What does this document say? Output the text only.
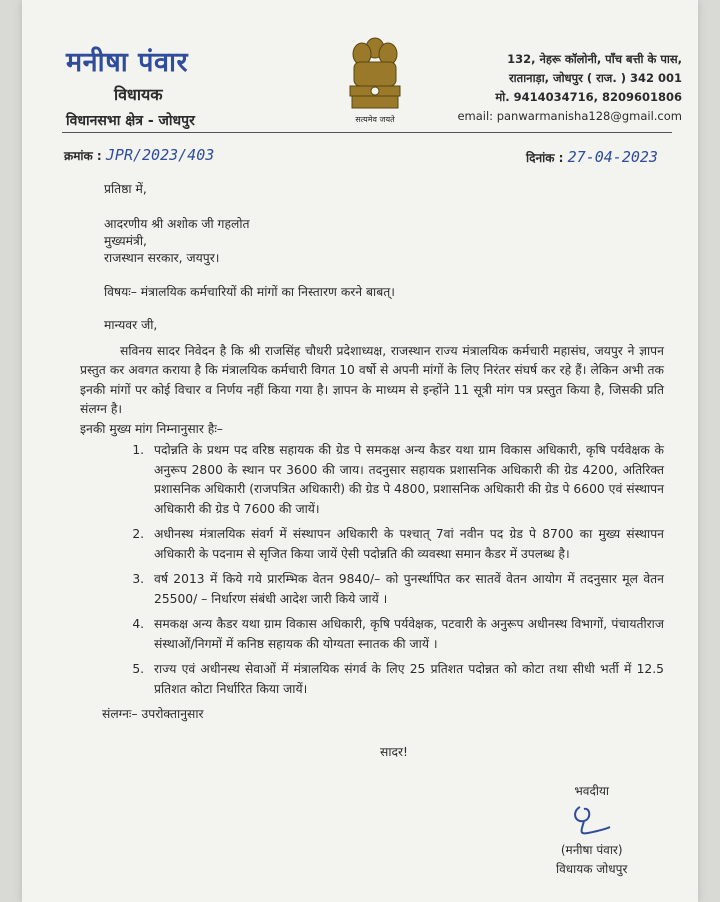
मनीषा पंवार
विधायक
विधानसभा क्षेत्र - जोधपुर	सत्यमेव जयते
132, नेहरू कॉलोनी, पाँच बत्ती के पास,
रातानाड़ा, जोधपुर ( राज. ) 342 001
मो. 9414034716, 8209601806
email: panwarmanisha128@gmail.com
क्रमांक : JPR/2023/403	दिनांक : 27-04-2023
प्रतिष्ठा में,
आदरणीय श्री अशोक जी गहलोत
मुख्यमंत्री,
राजस्थान सरकार, जयपुर।
विषयः– मंत्रालयिक कर्मचारियों की मांगों का निस्तारण करने बाबत्।
मान्यवर जी,
सविनय सादर निवेदन है कि श्री राजसिंह चौधरी प्रदेशाध्यक्ष, राजस्थान राज्य मंत्रालयिक कर्मचारी महासंघ, जयपुर ने ज्ञापन प्रस्तुत कर अवगत कराया है कि मंत्रालयिक कर्मचारी विगत 10 वर्षो से अपनी मांगों के लिए निरंतर संघर्ष कर रहे हैं। लेकिन अभी तक इनकी मांगों पर कोई विचार व निर्णय नहीं किया गया है। ज्ञापन के माध्यम से इन्होंने 11 सूत्री मांग पत्र प्रस्तुत किया है, जिसकी प्रति संलग्न है।
इनकी मुख्य मांग निम्नानुसार हैः–
1. पदोन्नति के प्रथम पद वरिष्ठ सहायक की ग्रेड पे समकक्ष अन्य कैडर यथा ग्राम विकास अधिकारी, कृषि पर्यवेक्षक के अनुरूप 2800 के स्थान पर 3600 की जाय। तदनुसार सहायक प्रशासनिक अधिकारी की ग्रेड 4200, अतिरिक्त प्रशासनिक अधिकारी (राजपत्रित अधिकारी) की ग्रेड पे 4800, प्रशासनिक अधिकारी की ग्रेड पे 6600 एवं संस्थापन अधिकारी की ग्रेड पे 7600 की जायें।
2. अधीनस्थ मंत्रालयिक संवर्ग में संस्थापन अधिकारी के पश्चात् 7वां नवीन पद ग्रेड पे 8700 का मुख्य संस्थापन अधिकारी के पदनाम से सृजित किया जायें ऐसी पदोन्नति की व्यवस्था समान कैडर में उपलब्ध है।
3. वर्ष 2013 में किये गये प्रारम्भिक वेतन 9840/– को पुनर्स्थापित कर सातवें वेतन आयोग में तदनुसार मूल वेतन 25500/ – निर्धारण संबंधी आदेश जारी किये जायें ।
4. समकक्ष अन्य कैडर यथा ग्राम विकास अधिकारी, कृषि पर्यवेक्षक, पटवारी के अनुरूप अधीनस्थ विभागों, पंचायतीराज संस्थाओं/निगमों में कनिष्ठ सहायक की योग्यता स्नातक की जायें ।
5. राज्य एवं अधीनस्थ सेवाओं में मंत्रालयिक संगर्व के लिए 25 प्रतिशत पदोन्नत को कोटा तथा सीधी भर्ती में 12.5 प्रतिशत कोटा निर्धारित किया जायें।
संलग्नः– उपरोक्तानुसार
सादर!
भवदीया
(मनीषा पंवार)
विधायक जोधपुर
